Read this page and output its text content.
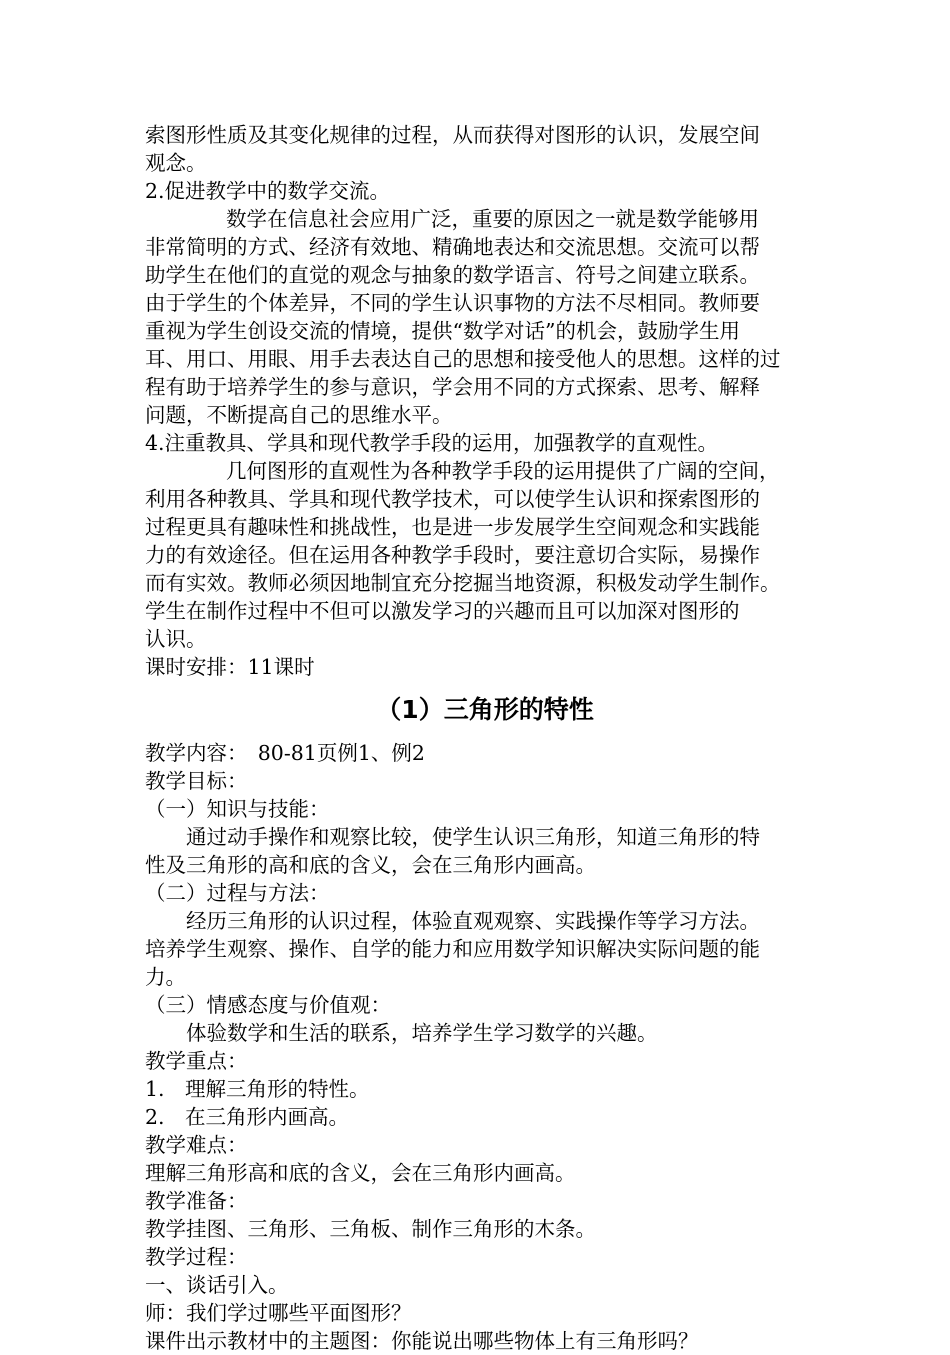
索图形性质及其变化规律的过程，从而获得对图形的认识，发展空间
观念。
2.促进教学中的数学交流。
数学在信息社会应用广泛，重要的原因之一就是数学能够用
非常简明的方式、经济有效地、精确地表达和交流思想。交流可以帮
助学生在他们的直觉的观念与抽象的数学语言、符号之间建立联系。
由于学生的个体差异，不同的学生认识事物的方法不尽相同。教师要
重视为学生创设交流的情境，提供“数学对话”的机会，鼓励学生用
耳、用口、用眼、用手去表达自己的思想和接受他人的思想。这样的过
程有助于培养学生的参与意识，学会用不同的方式探索、思考、解释
问题，不断提高自己的思维水平。
4.注重教具、学具和现代教学手段的运用，加强教学的直观性。
几何图形的直观性为各种教学手段的运用提供了广阔的空间，
利用各种教具、学具和现代教学技术，可以使学生认识和探索图形的
过程更具有趣味性和挑战性，也是进一步发展学生空间观念和实践能
力的有效途径。但在运用各种教学手段时，要注意切合实际，易操作
而有实效。教师必须因地制宜充分挖掘当地资源，积极发动学生制作。
学生在制作过程中不但可以激发学习的兴趣而且可以加深对图形的
认识。
课时安排：11课时
（1）三角形的特性
教学内容：　80-81页例1、例2
教学目标：
（一）知识与技能：
通过动手操作和观察比较，使学生认识三角形，知道三角形的特
性及三角形的高和底的含义，会在三角形内画高。
（二）过程与方法：
经历三角形的认识过程，体验直观观察、实践操作等学习方法。
培养学生观察、操作、自学的能力和应用数学知识解决实际问题的能
力。
（三）情感态度与价值观：
体验数学和生活的联系，培养学生学习数学的兴趣。
教学重点：
1.　理解三角形的特性。
2.　在三角形内画高。
教学难点：
理解三角形高和底的含义，会在三角形内画高。
教学准备：
教学挂图、三角形、三角板、制作三角形的木条。
教学过程：
一、谈话引入。
师：我们学过哪些平面图形？
课件出示教材中的主题图：你能说出哪些物体上有三角形吗？
